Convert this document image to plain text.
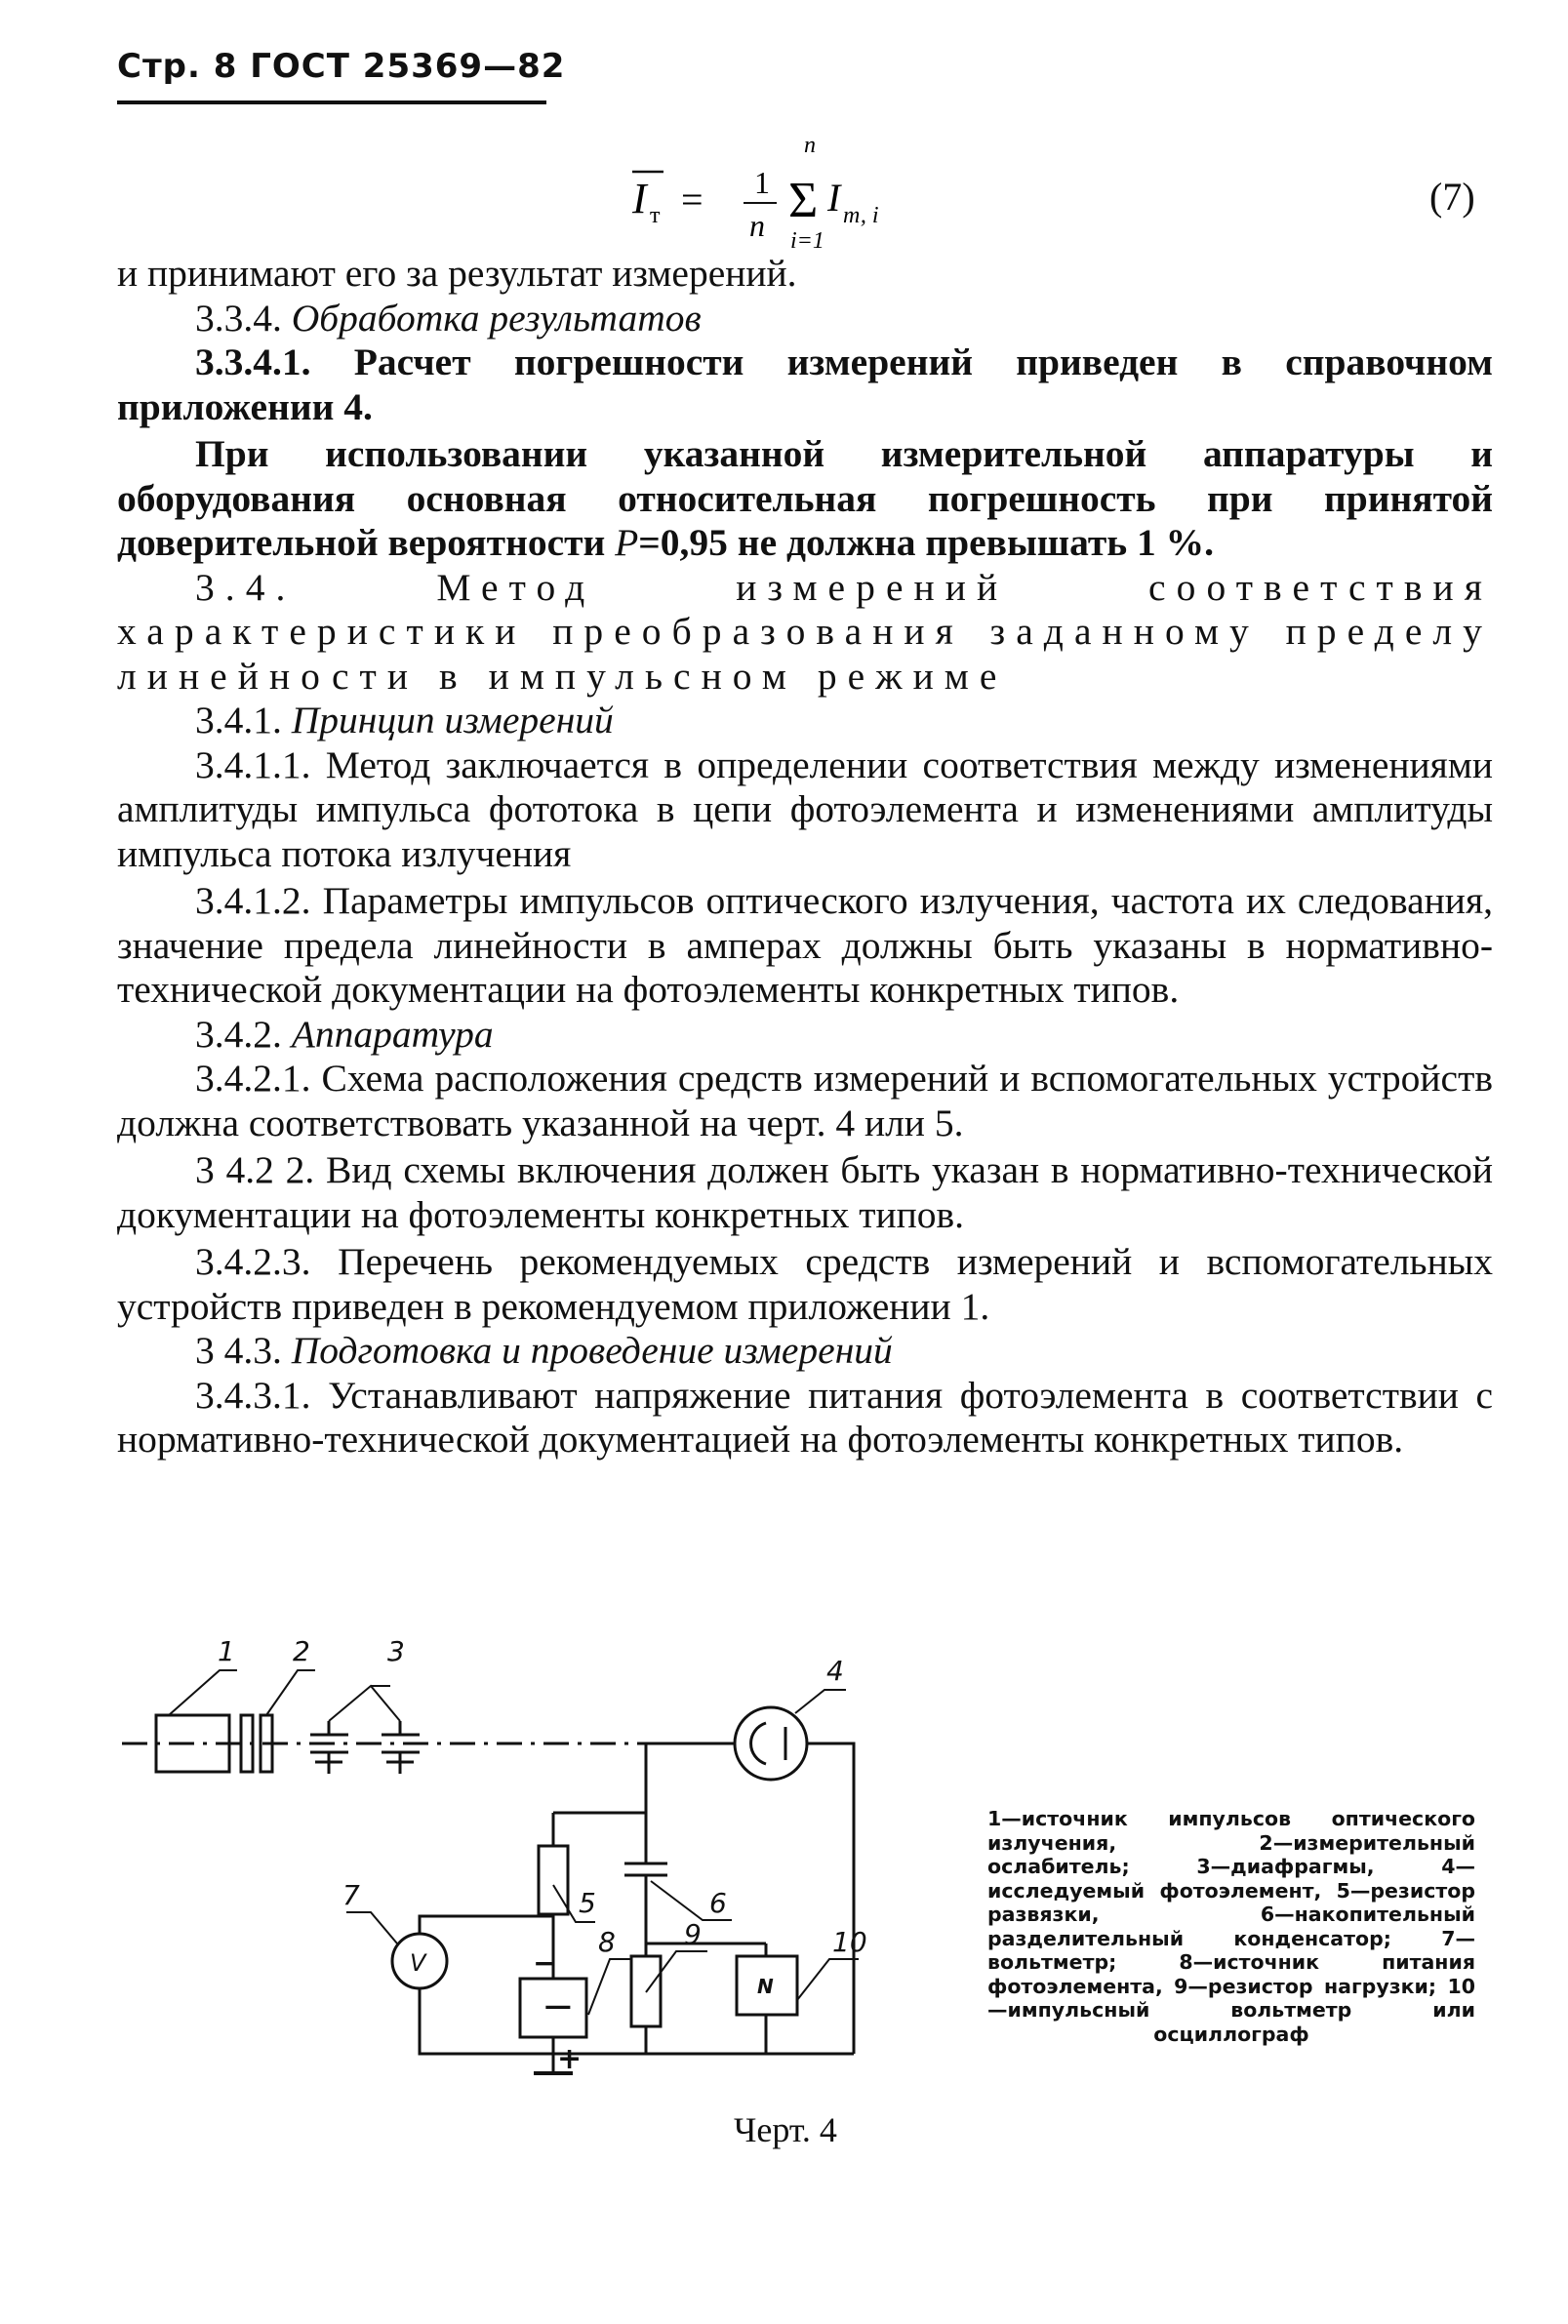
Стр. 8 ГОСТ 25369—82
I т = 1
n
n
Σ
i=1
I т, i	(7)

и принимают его за результат измерений.

3.3.4. Обработка результатов

3.3.4.1. Расчет погрешности измерений приведен в справочном приложении 4.

При использовании указанной измерительной аппаратуры и оборудования основная относительная погрешность при принятой доверительной вероятности P=0,95 не должна превышать 1 %.

3.4. Метод измерений соответствия характеристики преобразования заданному пределу линейности в импульсном режиме

3.4.1. Принцип измерений

3.4.1.1. Метод заключается в определении соответствия между изменениями амплитуды импульса фототока в цепи фотоэлемента и изменениями амплитуды импульса потока излучения

3.4.1.2. Параметры импульсов оптического излучения, частота их следования, значение предела линейности в амперах должны быть указаны в нормативно-технической документации на фотоэлементы конкретных типов.

3.4.2. Аппаратура

3.4.2.1. Схема расположения средств измерений и вспомогательных устройств должна соответствовать указанной на черт. 4 или 5.

3 4.2 2. Вид схемы включения должен быть указан в нормативно-технической документации на фотоэлементы конкретных типов.

3.4.2.3. Перечень рекомендуемых средств измерений и вспомогательных устройств приведен в рекомендуемом приложении 1.

3 4.3. Подготовка и проведение измерений

3.4.3.1. Устанавливают напряжение питания фотоэлемента в соответствии с нормативно-технической документацией на фотоэлементы конкретных типов.

1 2	3
4
5	6
7
8	9	10
V
N
−
−
+
1—источник импульсов оптического излучения, 2—измерительный ослабитель; 3—диафрагмы, 4—исследуемый фотоэлемент, 5—резистор развязки, 6—накопительный разделительный конденсатор; 7—вольтметр; 8—источник питания фотоэлемента, 9—резистор нагрузки; 10—импульсный вольтметр или осциллограф
Черт. 4
